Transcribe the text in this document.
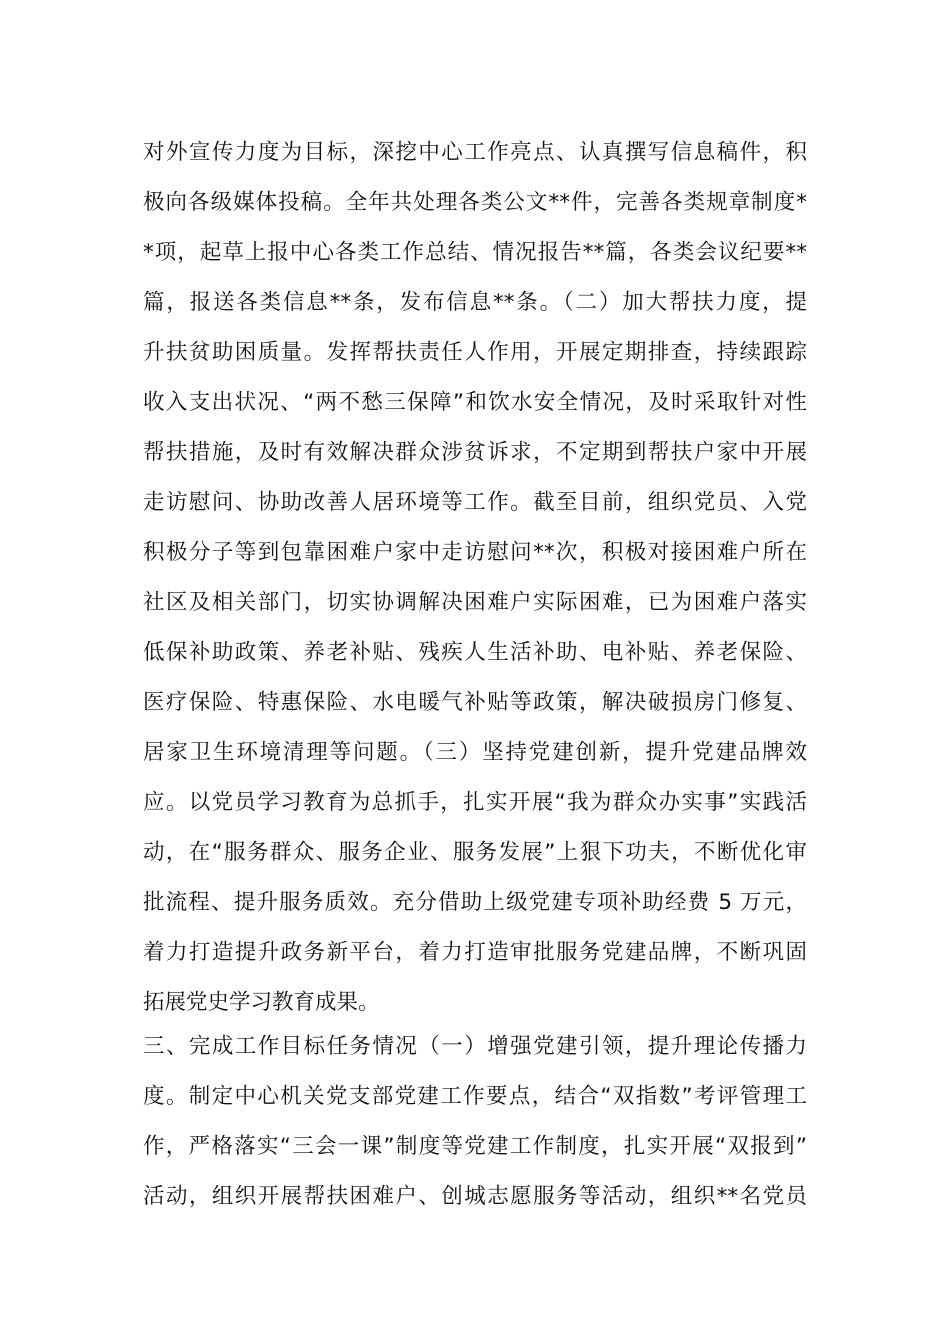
对外宣传力度为目标，深挖中心工作亮点、认真撰写信息稿件，积
极向各级媒体投稿。全年共处理各类公文**件，完善各类规章制度*
*项，起草上报中心各类工作总结、情况报告**篇，各类会议纪要**
篇，报送各类信息**条，发布信息**条。（二）加大帮扶力度，提
升扶贫助困质量。发挥帮扶责任人作用，开展定期排查，持续跟踪
收入支出状况、“两不愁三保障”和饮水安全情况，及时采取针对性
帮扶措施，及时有效解决群众涉贫诉求，不定期到帮扶户家中开展
走访慰问、协助改善人居环境等工作。截至目前，组织党员、入党
积极分子等到包靠困难户家中走访慰问**次，积极对接困难户所在
社区及相关部门，切实协调解决困难户实际困难，已为困难户落实
低保补助政策、养老补贴、残疾人生活补助、电补贴、养老保险、
医疗保险、特惠保险、水电暖气补贴等政策，解决破损房门修复、
居家卫生环境清理等问题。（三）坚持党建创新，提升党建品牌效
应。以党员学习教育为总抓手，扎实开展“我为群众办实事”实践活
动，在“服务群众、服务企业、服务发展”上狠下功夫，不断优化审
批流程、提升服务质效。充分借助上级党建专项补助经费 5 万元，
着力打造提升政务新平台，着力打造审批服务党建品牌，不断巩固
拓展党史学习教育成果。
三、完成工作目标任务情况（一）增强党建引领，提升理论传播力
度。制定中心机关党支部党建工作要点，结合“双指数”考评管理工
作，严格落实“三会一课”制度等党建工作制度，扎实开展“双报到”
活动，组织开展帮扶困难户、创城志愿服务等活动，组织**名党员
